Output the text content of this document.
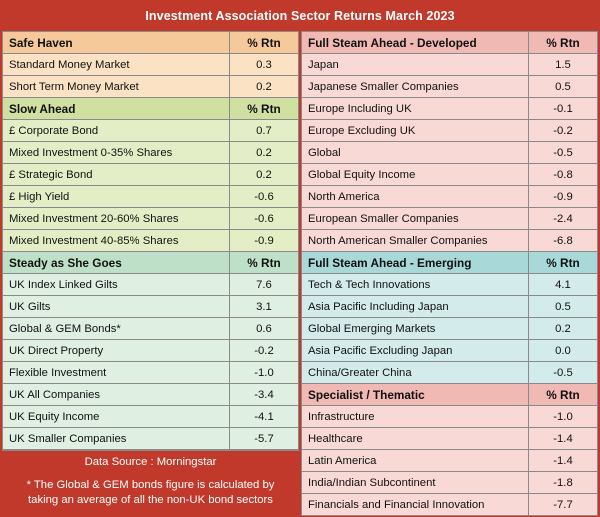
Investment Association Sector Returns March 2023
Safe Haven	% Rtn
Standard Money Market	0.3
Short Term Money Market	0.2
Slow Ahead	% Rtn
£ Corporate Bond	0.7
Mixed Investment 0-35% Shares	0.2
£ Strategic Bond	0.2
£ High Yield	-0.6
Mixed Investment 20-60% Shares	-0.6
Mixed Investment 40-85% Shares	-0.9
Steady as She Goes	% Rtn
UK Index Linked Gilts	7.6
UK Gilts	3.1
Global & GEM Bonds*	0.6
UK Direct Property	-0.2
Flexible Investment	-1.0
UK All Companies	-3.4
UK Equity Income	-4.1
UK Smaller Companies	-5.7
Data Source : Morningstar
* The Global & GEM bonds figure is calculated by taking an average of all the non-UK bond sectors
Full Steam Ahead - Developed	% Rtn
Japan	1.5
Japanese Smaller Companies	0.5
Europe Including UK	-0.1
Europe Excluding UK	-0.2
Global	-0.5
Global Equity Income	-0.8
North America	-0.9
European Smaller Companies	-2.4
North American Smaller Companies	-6.8
Full Steam Ahead - Emerging	% Rtn
Tech & Tech Innovations	4.1
Asia Pacific Including Japan	0.5
Global Emerging Markets	0.2
Asia Pacific Excluding Japan	0.0
China/Greater China	-0.5
Specialist / Thematic	% Rtn
Infrastructure	-1.0
Healthcare	-1.4
Latin America	-1.4
India/Indian Subcontinent	-1.8
Financials and Financial Innovation	-7.7
